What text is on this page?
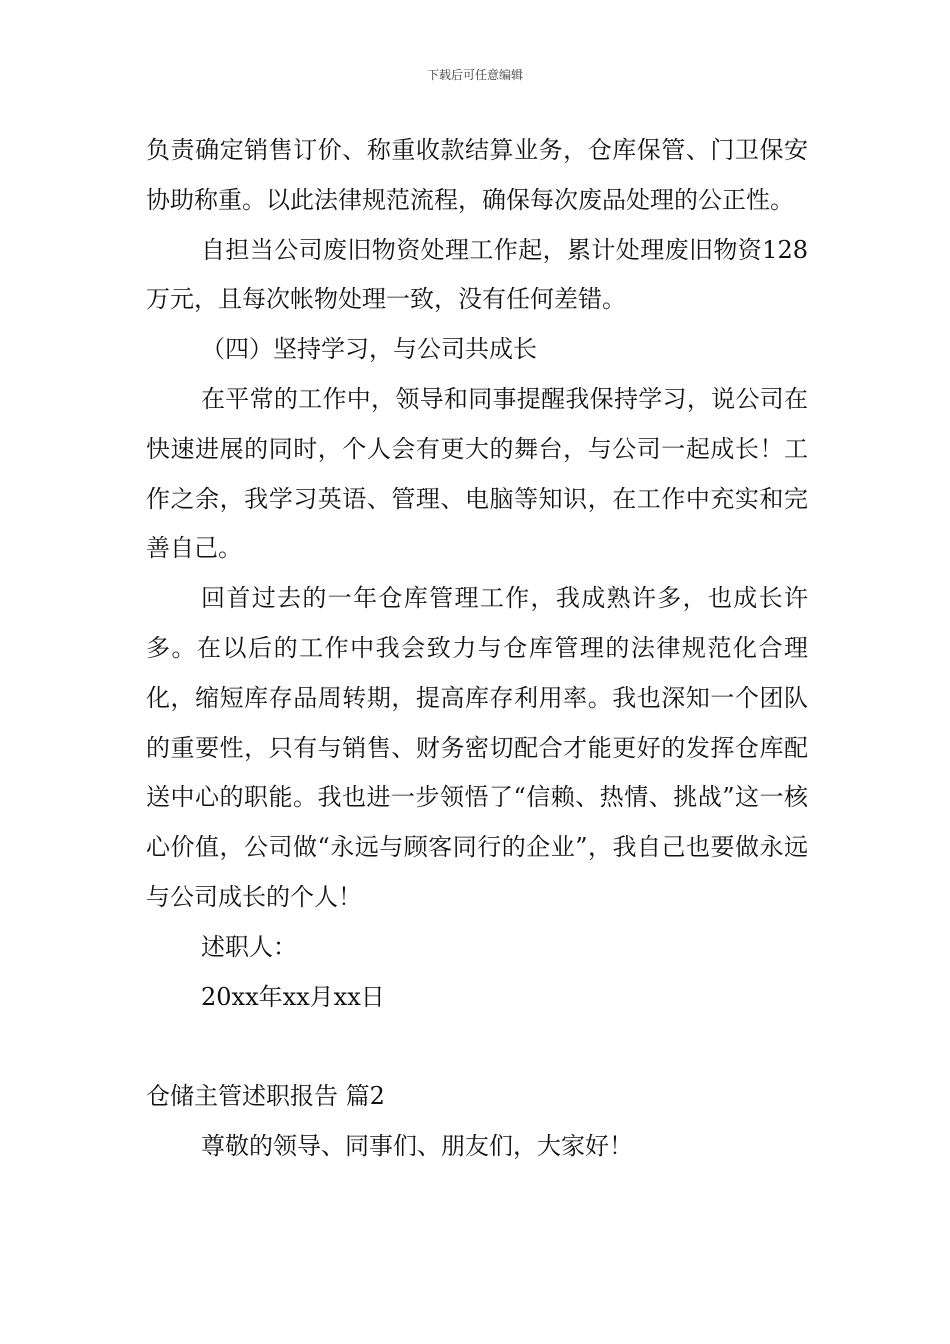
下载后可任意编辑

负责确定销售订价、称重收款结算业务，仓库保管、门卫保安协助称重。以此法律规范流程，确保每次废品处理的公正性。

自担当公司废旧物资处理工作起，累计处理废旧物资128万元，且每次帐物处理一致，没有任何差错。

（四）坚持学习，与公司共成长

在平常的工作中，领导和同事提醒我保持学习，说公司在快速进展的同时，个人会有更大的舞台，与公司一起成长！工作之余，我学习英语、管理、电脑等知识，在工作中充实和完善自己。

回首过去的一年仓库管理工作，我成熟许多，也成长许多。在以后的工作中我会致力与仓库管理的法律规范化合理化，缩短库存品周转期，提高库存利用率。我也深知一个团队的重要性，只有与销售、财务密切配合才能更好的发挥仓库配送中心的职能。我也进一步领悟了“信赖、热情、挑战”这一核心价值，公司做“永远与顾客同行的企业”，我自己也要做永远与公司成长的个人！

述职人：

20xx年xx月xx日

仓储主管述职报告 篇2

尊敬的领导、同事们、朋友们，大家好！
